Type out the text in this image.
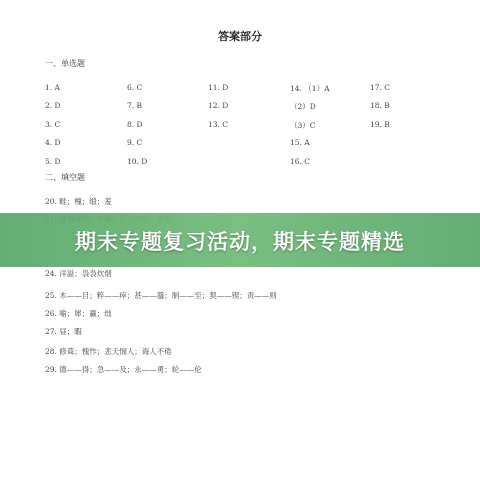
答案部分
一、单选题
1. A
2. D
3. C
4. D
5. D
6. C
7. B
8. D
9. C
10. D
11. D
12. D
13. C
14. （1）A
（2）D
（3）C
15. A
16. C
17. C
18. B
19. B
二、填空题
20. 畦；槐；缎；羞
24. 洋溢；袅袅炊烟
25. 木——目；粹——瘁；甚——蜃；制——至；契——锲；责——则
26. 喻；犀；赢；绌
27. 昼；暇
28. 修葺；愧怍；悲天悯人；诲人不倦
29. 德——得；急——及；永——勇；轮——伦
期末专题复习活动，期末专题精选
